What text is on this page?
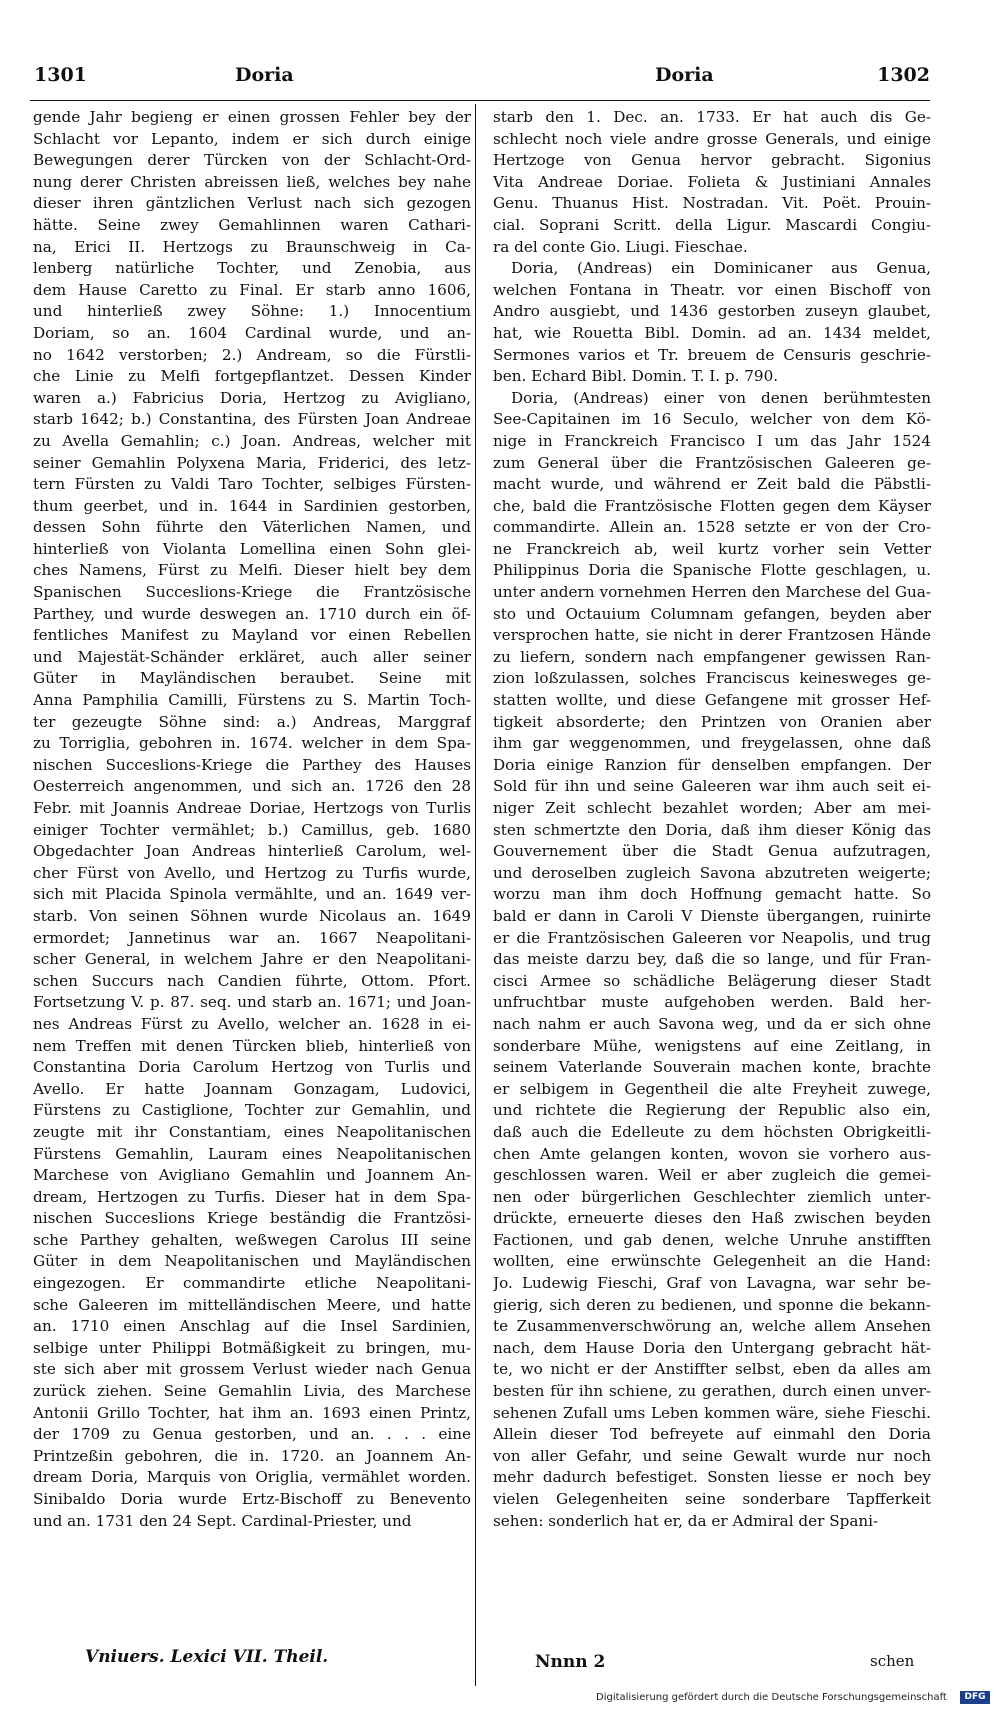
1301	Doria	Doria	1302
gende Jahr begieng er einen grossen Fehler bey der
Schlacht vor Lepanto, indem er sich durch einige
Bewegungen derer Türcken von der Schlacht-Ord-
nung derer Christen abreissen ließ, welches bey nahe
dieser ihren gäntzlichen Verlust nach sich gezogen
hätte. Seine zwey Gemahlinnen waren Cathari-
na, Erici II. Hertzogs zu Braunschweig in Ca-
lenberg natürliche Tochter, und Zenobia, aus
dem Hause Caretto zu Final. Er starb anno 1606,
und hinterließ zwey Söhne: 1.) Innocentium
Doriam, so an. 1604 Cardinal wurde, und an-
no 1642 verstorben; 2.) Andream, so die Fürstli-
che Linie zu Melfi fortgepflantzet. Dessen Kinder
waren a.) Fabricius Doria, Hertzog zu Avigliano,
starb 1642; b.) Constantina, des Fürsten Joan Andreae
zu Avella Gemahlin; c.) Joan. Andreas, welcher mit
seiner Gemahlin Polyxena Maria, Friderici, des letz-
tern Fürsten zu Valdi Taro Tochter, selbiges Fürsten-
thum geerbet, und in. 1644 in Sardinien gestorben,
dessen Sohn führte den Väterlichen Namen, und
hinterließ von Violanta Lomellina einen Sohn glei-
ches Namens, Fürst zu Melfi. Dieser hielt bey dem
Spanischen Succeslions-Kriege die Frantzösische
Parthey, und wurde deswegen an. 1710 durch ein öf-
fentliches Manifest zu Mayland vor einen Rebellen
und Majestät-Schänder erkläret, auch aller seiner
Güter in Mayländischen beraubet. Seine mit
Anna Pamphilia Camilli, Fürstens zu S. Martin Toch-
ter gezeugte Söhne sind: a.) Andreas, Marggraf
zu Torriglia, gebohren in. 1674. welcher in dem Spa-
nischen Succeslions-Kriege die Parthey des Hauses
Oesterreich angenommen, und sich an. 1726 den 28
Febr. mit Joannis Andreae Doriae, Hertzogs von Turlis
einiger Tochter vermählet; b.) Camillus, geb. 1680
Obgedachter Joan Andreas hinterließ Carolum, wel-
cher Fürst von Avello, und Hertzog zu Turfis wurde,
sich mit Placida Spinola vermählte, und an. 1649 ver-
starb. Von seinen Söhnen wurde Nicolaus an. 1649
ermordet; Jannetinus war an. 1667 Neapolitani-
scher General, in welchem Jahre er den Neapolitani-
schen Succurs nach Candien führte, Ottom. Pfort.
Fortsetzung V. p. 87. seq. und starb an. 1671; und Joan-
nes Andreas Fürst zu Avello, welcher an. 1628 in ei-
nem Treffen mit denen Türcken blieb, hinterließ von
Constantina Doria Carolum Hertzog von Turlis und
Avello. Er hatte Joannam Gonzagam, Ludovici,
Fürstens zu Castiglione, Tochter zur Gemahlin, und
zeugte mit ihr Constantiam, eines Neapolitanischen
Fürstens Gemahlin, Lauram eines Neapolitanischen
Marchese von Avigliano Gemahlin und Joannem An-
dream, Hertzogen zu Turfis. Dieser hat in dem Spa-
nischen Succeslions Kriege beständig die Frantzösi-
sche Parthey gehalten, weßwegen Carolus III seine
Güter in dem Neapolitanischen und Mayländischen
eingezogen. Er commandirte etliche Neapolitani-
sche Galeeren im mittelländischen Meere, und hatte
an. 1710 einen Anschlag auf die Insel Sardinien,
selbige unter Philippi Botmäßigkeit zu bringen, mu-
ste sich aber mit grossem Verlust wieder nach Genua
zurück ziehen. Seine Gemahlin Livia, des Marchese
Antonii Grillo Tochter, hat ihm an. 1693 einen Printz,
der 1709 zu Genua gestorben, und an. . . . eine
Printzeßin gebohren, die in. 1720. an Joannem An-
dream Doria, Marquis von Origlia, vermählet worden.
Sinibaldo Doria wurde Ertz-Bischoff zu Benevento
und an. 1731 den 24 Sept. Cardinal-Priester, und
starb den 1. Dec. an. 1733. Er hat auch dis Ge-
schlecht noch viele andre grosse Generals, und einige
Hertzoge von Genua hervor gebracht. Sigonius
Vita Andreae Doriae. Folieta & Justiniani Annales
Genu. Thuanus Hist. Nostradan. Vit. Poët. Prouin-
cial. Soprani Scritt. della Ligur. Mascardi Congiu-
ra del conte Gio. Liugi. Fieschae.
Doria, (Andreas) ein Dominicaner aus Genua,
welchen Fontana in Theatr. vor einen Bischoff von
Andro ausgiebt, und 1436 gestorben zuseyn glaubet,
hat, wie Rouetta Bibl. Domin. ad an. 1434 meldet,
Sermones varios et Tr. breuem de Censuris geschrie-
ben. Echard Bibl. Domin. T. I. p. 790.
Doria, (Andreas) einer von denen berühmtesten
See-Capitainen im 16 Seculo, welcher von dem Kö-
nige in Franckreich Franciscо I um das Jahr 1524
zum General über die Frantzösischen Galeeren ge-
macht wurde, und während er Zeit bald die Päbstli-
che, bald die Frantzösische Flotten gegen dem Käyser
commandirte. Allein an. 1528 setzte er von der Cro-
ne Franckreich ab, weil kurtz vorher sein Vetter
Philippinus Doria die Spanische Flotte geschlagen, u.
unter andern vornehmen Herren den Marchese del Gua-
sto und Octauium Columnam gefangen, beyden aber
versprochen hatte, sie nicht in derer Frantzosen Hände
zu liefern, sondern nach empfangener gewissen Ran-
zion loßzulassen, solches Franciscus keinesweges ge-
statten wollte, und diese Gefangene mit grosser Hef-
tigkeit absorderte; den Printzen von Oranien aber
ihm gar weggenommen, und freygelassen, ohne daß
Doria einige Ranzion für denselben empfangen. Der
Sold für ihn und seine Galeeren war ihm auch seit ei-
niger Zeit schlecht bezahlet worden; Aber am mei-
sten schmertzte den Doria, daß ihm dieser König das
Gouvernement über die Stadt Genua aufzutragen,
und deroselben zugleich Savona abzutreten weigerte;
worzu man ihm doch Hoffnung gemacht hatte. So
bald er dann in Caroli V Dienste übergangen, ruinirte
er die Frantzösischen Galeeren vor Neapolis, und trug
das meiste darzu bey, daß die so lange, und für Fran-
cisci Armee so schädliche Belägerung dieser Stadt
unfruchtbar muste aufgehoben werden. Bald her-
nach nahm er auch Savona weg, und da er sich ohne
sonderbare Mühe, wenigstens auf eine Zeitlang, in
seinem Vaterlande Souverain machen konte, brachte
er selbigem in Gegentheil die alte Freyheit zuwege,
und richtete die Regierung der Republic also ein,
daß auch die Edelleute zu dem höchsten Obrigkeitli-
chen Amte gelangen konten, wovon sie vorhero aus-
geschlossen waren. Weil er aber zugleich die gemei-
nen oder bürgerlichen Geschlechter ziemlich unter-
drückte, erneuerte dieses den Haß zwischen beyden
Factionen, und gab denen, welche Unruhe anstifften
wollten, eine erwünschte Gelegenheit an die Hand:
Jo. Ludewig Fieschi, Graf von Lavagna, war sehr be-
gierig, sich deren zu bedienen, und sponne die bekann-
te Zusammenverschwörung an, welche allem Ansehen
nach, dem Hause Doria den Untergang gebracht hät-
te, wo nicht er der Anstiffter selbst, eben da alles am
besten für ihn schiene, zu gerathen, durch einen unver-
sehenen Zufall ums Leben kommen wäre, siehe Fieschi.
Allein dieser Tod befreyete auf einmahl den Doria
von aller Gefahr, und seine Gewalt wurde nur noch
mehr dadurch befestiget. Sonsten liesse er noch bey
vielen Gelegenheiten seine sonderbare Tapfferkeit
sehen: sonderlich hat er, da er Admiral der Spani-
Vniuers. Lexici VII. Theil.	Nnnn 2	schen
Digitalisierung gefördert durch die Deutsche Forschungsgemeinschaft	DFG
